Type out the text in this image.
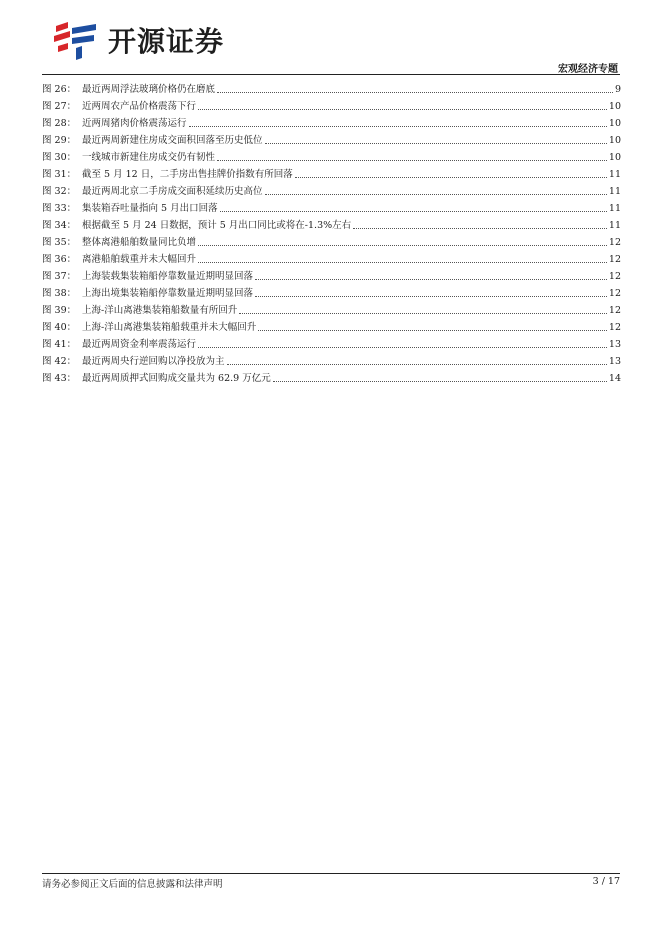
开源证券
宏观经济专题
图 26： 最近两周浮法玻璃价格仍在磨底	9
图 27： 近两周农产品价格震荡下行	10
图 28： 近两周猪肉价格震荡运行	10
图 29： 最近两周新建住房成交面积回落至历史低位	10
图 30： 一线城市新建住房成交仍有韧性	10
图 31： 截至 5 月 12 日，二手房出售挂牌价指数有所回落	11
图 32： 最近两周北京二手房成交面积延续历史高位	11
图 33： 集装箱吞吐量指向 5 月出口回落	11
图 34： 根据截至 5 月 24 日数据，预计 5 月出口同比或将在-1.3%左右	11
图 35： 整体离港船舶数量同比负增	12
图 36： 离港船舶载重并未大幅回升	12
图 37： 上海装载集装箱船停靠数量近期明显回落	12
图 38： 上海出境集装箱船停靠数量近期明显回落	12
图 39： 上海-洋山离港集装箱船数量有所回升	12
图 40： 上海-洋山离港集装箱船载重并未大幅回升	12
图 41： 最近两周资金利率震荡运行	13
图 42： 最近两周央行逆回购以净投放为主	13
图 43： 最近两周质押式回购成交量共为 62.9 万亿元	14
请务必参阅正文后面的信息披露和法律声明	3 / 17
